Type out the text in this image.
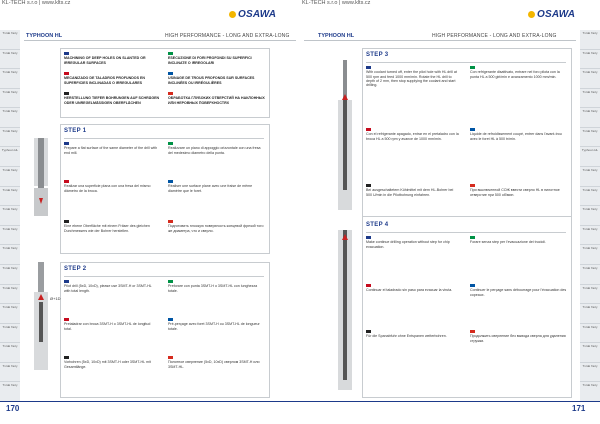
KL-TECH s.r.o | www.klts.cz	KL-TECH s.r.o | www.klts.cz
OSAWA	OSAWA
TYPHOON HL	HIGH PERFORMANCE - LONG AND EXTRA-LONG	TYPHOON HL	HIGH PERFORMANCE - LONG AND EXTRA-LONG
Tvrdé frézy
Tvrdé frézy
Tvrdé frézy
Tvrdé frézy
Tvrdé frézy
Tvrdé frézy
Typhoon HL
Tvrdé frézy
Tvrdé frézy
Tvrdé frézy
Tvrdé frézy
Tvrdé frézy
Tvrdé frézy
Tvrdé frézy
Tvrdé frézy
Tvrdé frézy
Tvrdé frézy
Tvrdé frézy
Tvrdé frézy
Tvrdé frézy
Tvrdé frézy
Tvrdé frézy
Tvrdé frézy
Tvrdé frézy
Tvrdé frézy
Typhoon HL
Tvrdé frézy
Tvrdé frézy
Tvrdé frézy
Tvrdé frézy
Tvrdé frézy
Tvrdé frézy
Tvrdé frézy
Tvrdé frézy
Tvrdé frézy
Tvrdé frézy
Tvrdé frézy
Tvrdé frézy

MACHINING OF DEEP HOLES ON SLANTED OR IRREGULAR SURFACES

MECANIZADO DE TALADROS PROFUNDOS EN SUPERFICIES INCLINADAS O IRREGULARES

HERSTELLUNG TIEFER BOHRUNGEN AUF SCHRÄGEN ODER UNREGELMÄSSIGEN OBERFLÄCHEN

ESECUZIONE DI FORI PROFONDI SU SUPERFICI INCLINATE O IRREGOLARI

USINAGE DE TROUS PROFONDS SUR SURFACES INCLINÉES OU IRRÉGULIÈRES

ОБРАБОТКА ГЛУБОКИХ ОТВЕРСТИЙ НА НАКЛОННЫХ ИЛИ НЕРОВНЫХ ПОВЕРХНОСТЯХ
STEP 1

Prepare a flat surface of the same diameter of the drill with end mill.

Realizar una superficie plana con una fresa del mismo diámetro de la broca.

Eine ebene Oberfläche mit einem Fräser des gleichen Durchmessers wie der Bohrer herstellen.

Realizzare un piano di appoggio orizzontale con una fresa del medesimo diametro della punta.

Réaliser une surface plane avec une fraise de même diamètre que le foret.

Подготовить плоскую поверхность концевой фрезой того же диаметра, что и сверло.
STEP 2

Pilot drill (5xD, 10xD), please use 3SMT-H or 3SMT-HL with total length.

Pretaladrar con broca 3SMT-H o 3SMT-HL de longitud total.

Vorbohren (5xD, 10xD) mit 3SMT-H oder 3SMT-HL mit Gesamtlänge.

Preforare con punta 3SMT-H o 3SMT-HL con lunghezza totale.

Pré-perçage avec foret 3SMT-H ou 3SMT-HL de longueur totale.

Пилотное сверление (5xD, 10xD) сверлом 3SMT-H или 3SMT-HL.
Ø+1D
STEP 3

With coolant turned off, enter the pilot hole with HL drill at 500 rpm and feed 1000 mm/min. Rotate the HL drill to depth of 2 mm, then stop supplying the coolant and start drilling.

Con el refrigerante apagado, entrar en el pretaladro con la broca HL a 500 rpm y avance de 1000 mm/min.

Bei ausgeschaltetem Kühlmittel mit dem HL-Bohrer bei 500 U/min in die Pilotbohrung einfahren.

Con refrigerante disattivato, entrare nel foro pilota con la punta HL a 500 giri/min e avanzamento 1000 mm/min.

Liquide de refroidissement coupé, entrer dans l'avant-trou avec le foret HL à 500 tr/min.

При выключенной СОЖ ввести сверло HL в пилотное отверстие при 500 об/мин.
STEP 4

Make continue drilling operation without step for chip evacuation.

Continuar el taladrado sin paso para evacuar la viruta.

Für die Spanabfuhr ohne Entspanen weiterbohren.

Forare senza step per l'evacuazione dei trucioli.

Continuer le perçage sans débourrage pour l'évacuation des copeaux.

Продолжить сверление без вывода сверла для удаления стружки.
170	171
